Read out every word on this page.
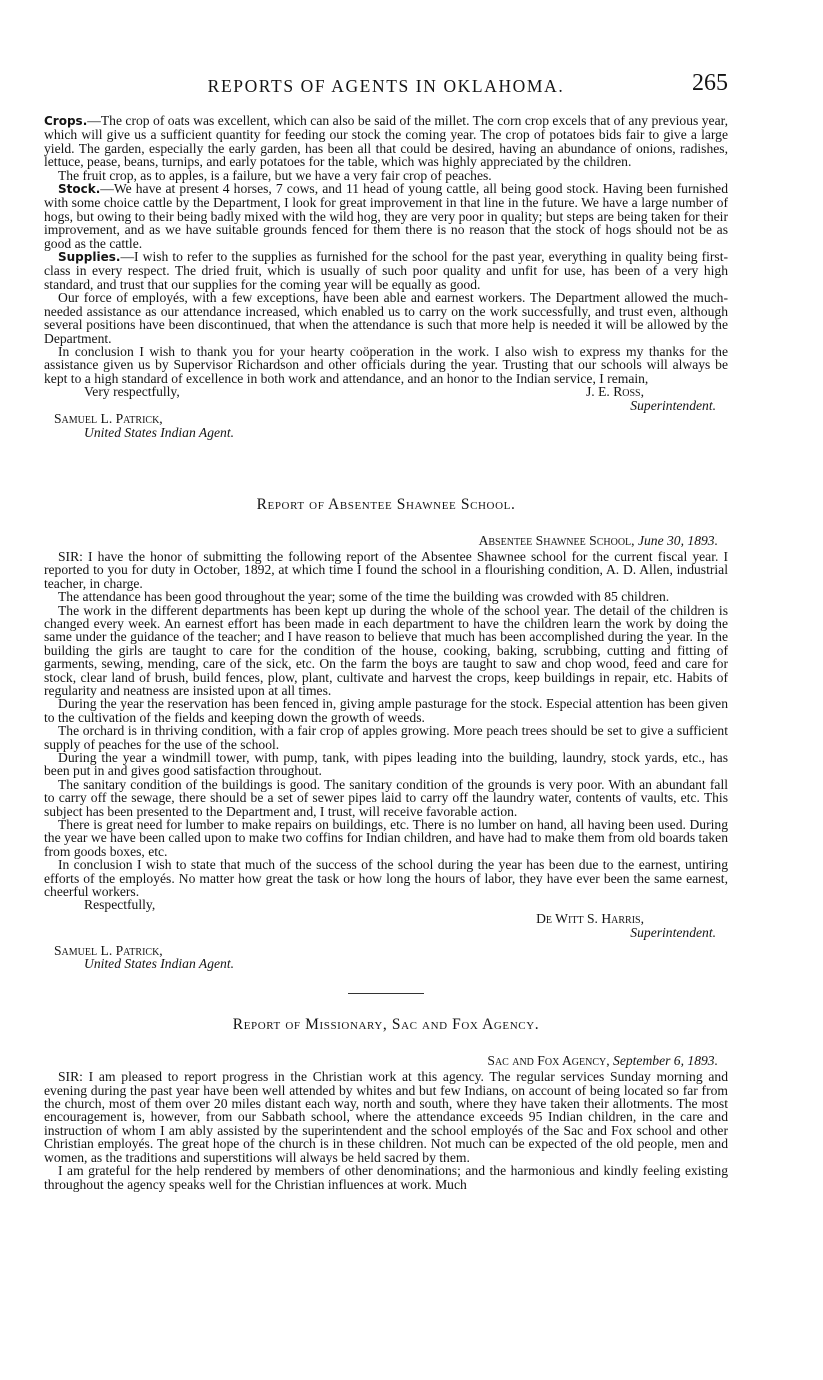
REPORTS OF AGENTS IN OKLAHOMA.	265

Crops.—The crop of oats was excellent, which can also be said of the millet. The corn crop excels that of any previous year, which will give us a sufficient quantity for feeding our stock the coming year. The crop of potatoes bids fair to give a large yield. The garden, especially the early garden, has been all that could be desired, having an abundance of onions, radishes, lettuce, pease, beans, turnips, and early potatoes for the table, which was highly appreciated by the children.

The fruit crop, as to apples, is a failure, but we have a very fair crop of peaches.

Stock.—We have at present 4 horses, 7 cows, and 11 head of young cattle, all being good stock. Having been furnished with some choice cattle by the Department, I look for great improvement in that line in the future. We have a large number of hogs, but owing to their being badly mixed with the wild hog, they are very poor in quality; but steps are being taken for their improvement, and as we have suitable grounds fenced for them there is no reason that the stock of hogs should not be as good as the cattle.

Supplies.—I wish to refer to the supplies as furnished for the school for the past year, everything in quality being first-class in every respect. The dried fruit, which is usually of such poor quality and unfit for use, has been of a very high standard, and trust that our supplies for the coming year will be equally as good.

Our force of employés, with a few exceptions, have been able and earnest workers. The Department allowed the much-needed assistance as our attendance increased, which enabled us to carry on the work successfully, and trust even, although several positions have been discontinued, that when the attendance is such that more help is needed it will be allowed by the Department.

In conclusion I wish to thank you for your hearty coöperation in the work. I also wish to express my thanks for the assistance given us by Supervisor Richardson and other officials during the year. Trusting that our schools will always be kept to a high standard of excellence in both work and attendance, and an honor to the Indian service, I remain,

Very respectfully,	J. E. Ross,
Superintendent.
Samuel L. Patrick,
United States Indian Agent.
Report of Absentee Shawnee School.
Absentee Shawnee School, June 30, 1893.

SIR: I have the honor of submitting the following report of the Absentee Shawnee school for the current fiscal year. I reported to you for duty in October, 1892, at which time I found the school in a flourishing condition, A. D. Allen, industrial teacher, in charge.

The attendance has been good throughout the year; some of the time the building was crowded with 85 children.

The work in the different departments has been kept up during the whole of the school year. The detail of the children is changed every week. An earnest effort has been made in each department to have the children learn the work by doing the same under the guidance of the teacher; and I have reason to believe that much has been accomplished during the year. In the building the girls are taught to care for the condition of the house, cooking, baking, scrubbing, cutting and fitting of garments, sewing, mending, care of the sick, etc. On the farm the boys are taught to saw and chop wood, feed and care for stock, clear land of brush, build fences, plow, plant, cultivate and harvest the crops, keep buildings in repair, etc. Habits of regularity and neatness are insisted upon at all times.

During the year the reservation has been fenced in, giving ample pasturage for the stock. Especial attention has been given to the cultivation of the fields and keeping down the growth of weeds.

The orchard is in thriving condition, with a fair crop of apples growing. More peach trees should be set to give a sufficient supply of peaches for the use of the school.

During the year a windmill tower, with pump, tank, with pipes leading into the building, laundry, stock yards, etc., has been put in and gives good satisfaction throughout.

The sanitary condition of the buildings is good. The sanitary condition of the grounds is very poor. With an abundant fall to carry off the sewage, there should be a set of sewer pipes laid to carry off the laundry water, contents of vaults, etc. This subject has been presented to the Department and, I trust, will receive favorable action.

There is great need for lumber to make repairs on buildings, etc. There is no lumber on hand, all having been used. During the year we have been called upon to make two coffins for Indian children, and have had to make them from old boards taken from goods boxes, etc.

In conclusion I wish to state that much of the success of the school during the year has been due to the earnest, untiring efforts of the employés. No matter how great the task or how long the hours of labor, they have ever been the same earnest, cheerful workers.

Respectfully,
De Witt S. Harris,
Superintendent.
Samuel L. Patrick,
United States Indian Agent.
Report of Missionary, Sac and Fox Agency.
Sac and Fox Agency, September 6, 1893.

SIR: I am pleased to report progress in the Christian work at this agency. The regular services Sunday morning and evening during the past year have been well attended by whites and but few Indians, on account of being located so far from the church, most of them over 20 miles distant each way, north and south, where they have taken their allotments. The most encouragement is, however, from our Sabbath school, where the attendance exceeds 95 Indian children, in the care and instruction of whom I am ably assisted by the superintendent and the school employés of the Sac and Fox school and other Christian employés. The great hope of the church is in these children. Not much can be expected of the old people, men and women, as the traditions and superstitions will always be held sacred by them.

I am grateful for the help rendered by members of other denominations; and the harmonious and kindly feeling existing throughout the agency speaks well for the Christian influences at work. Much
